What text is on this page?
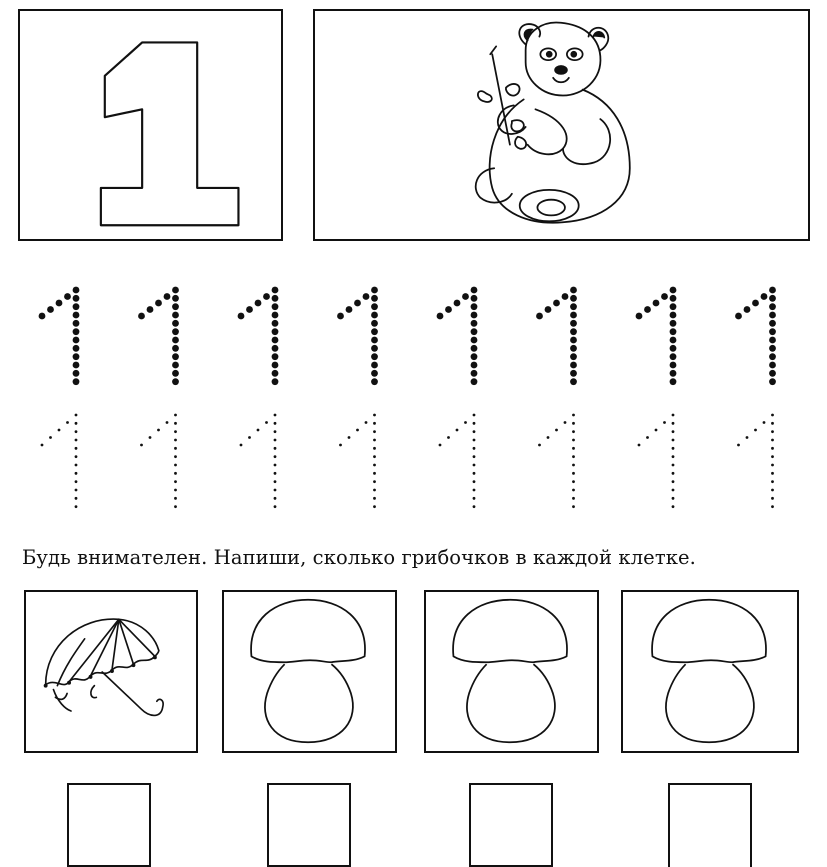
Будь внимателен. Напиши, сколько грибочков в каждой клетке.
